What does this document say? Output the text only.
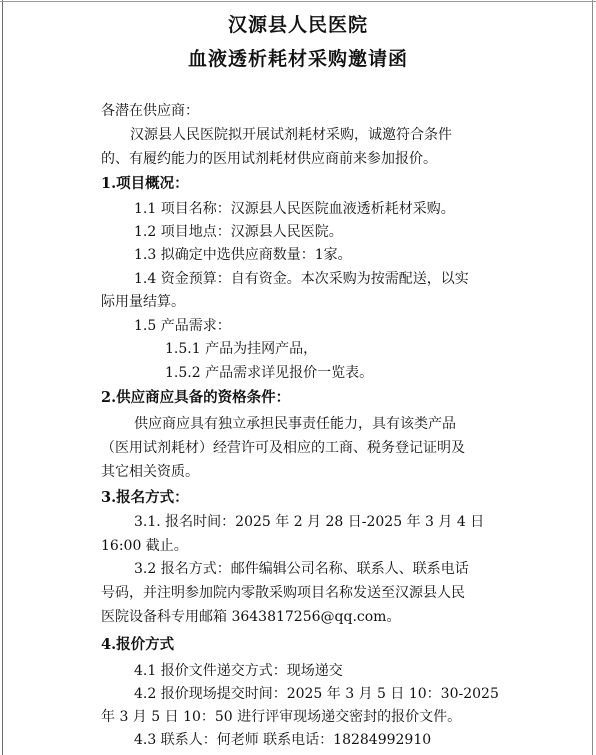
汉源县人民医院
血液透析耗材采购邀请函
各潜在供应商：
汉源县人民医院拟开展试剂耗材采购，诚邀符合条件
的、有履约能力的医用试剂耗材供应商前来参加报价。
1.项目概况：
1.1 项目名称：汉源县人民医院血液透析耗材采购。
1.2 项目地点：汉源县人民医院。
1.3 拟确定中选供应商数量：1家。
1.4 资金预算：自有资金。本次采购为按需配送，以实
际用量结算。
1.5 产品需求：
1.5.1 产品为挂网产品，
1.5.2 产品需求详见报价一览表。
2.供应商应具备的资格条件：
供应商应具有独立承担民事责任能力，具有该类产品
（医用试剂耗材）经营许可及相应的工商、税务登记证明及
其它相关资质。
3.报名方式：
3.1. 报名时间：2025 年 2 月 28 日-2025 年 3 月 4 日
16:00 截止。
3.2 报名方式：邮件编辑公司名称、联系人、联系电话
号码，并注明参加院内零散采购项目名称发送至汉源县人民
医院设备科专用邮箱 3643817256@qq.com。
4.报价方式
4.1 报价文件递交方式：现场递交
4.2 报价现场提交时间：2025 年 3 月 5 日 10：30-2025
年 3 月 5 日 10：50 进行评审现场递交密封的报价文件。
4.3 联系人：何老师 联系电话：18284992910
